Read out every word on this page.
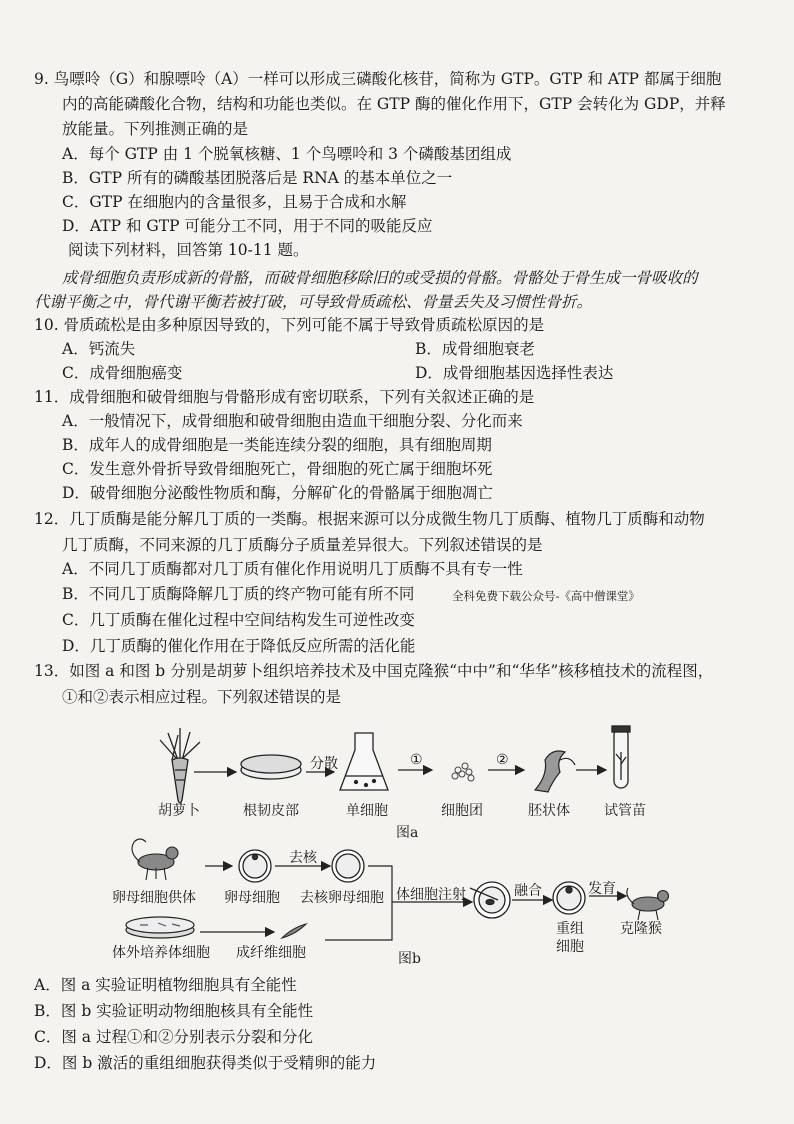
9. 鸟嘌呤（G）和腺嘌呤（A）一样可以形成三磷酸化核苷，简称为 GTP。GTP 和 ATP 都属于细胞
内的高能磷酸化合物，结构和功能也类似。在 GTP 酶的催化作用下，GTP 会转化为 GDP，并释
放能量。下列推测正确的是
A．每个 GTP 由 1 个脱氧核糖、1 个鸟嘌呤和 3 个磷酸基团组成
B．GTP 所有的磷酸基团脱落后是 RNA 的基本单位之一
C．GTP 在细胞内的含量很多，且易于合成和水解
D．ATP 和 GTP 可能分工不同，用于不同的吸能反应
阅读下列材料，回答第 10-11 题。
成骨细胞负责形成新的骨骼，而破骨细胞移除旧的或受损的骨骼。骨骼处于骨生成一骨吸收的
代谢平衡之中，骨代谢平衡若被打破，可导致骨质疏松、骨量丢失及习惯性骨折。
10. 骨质疏松是由多种原因导致的，下列可能不属于导致骨质疏松原因的是
A．钙流失	B．成骨细胞衰老
C．成骨细胞癌变	D．成骨细胞基因选择性表达
11．成骨细胞和破骨细胞与骨骼形成有密切联系，下列有关叙述正确的是
A．一般情况下，成骨细胞和破骨细胞由造血干细胞分裂、分化而来
B．成年人的成骨细胞是一类能连续分裂的细胞，具有细胞周期
C．发生意外骨折导致骨细胞死亡，骨细胞的死亡属于细胞坏死
D．破骨细胞分泌酸性物质和酶，分解矿化的骨骼属于细胞凋亡
12．几丁质酶是能分解几丁质的一类酶。根据来源可以分成微生物几丁质酶、植物几丁质酶和动物
几丁质酶，不同来源的几丁质酶分子质量差异很大。下列叙述错误的是
A．不同几丁质酶都对几丁质有催化作用说明几丁质酶不具有专一性
B．不同几丁质酶降解几丁质的终产物可能有所不同	全科免费下载公众号-《高中僧课堂》
C．几丁质酶在催化过程中空间结构发生可逆性改变
D．几丁质酶的催化作用在于降低反应所需的活化能
13．如图 a 和图 b 分别是胡萝卜组织培养技术及中国克隆猴“中中”和“华华”核移植技术的流程图，
①和②表示相应过程。下列叙述错误的是
胡萝卜	根韧皮部
分散
单细胞
①	②
细胞团	胚状体 试管苗
图a
卵母细胞供体 卵母细胞
去核
去核卵母细胞 体细胞注射	融合	发育
体外培养体细胞 成纤维细胞
重组
细胞
克隆猴
图b
A．图 a 实验证明植物细胞具有全能性
B．图 b 实验证明动物细胞核具有全能性
C．图 a 过程①和②分别表示分裂和分化
D．图 b 激活的重组细胞获得类似于受精卵的能力
